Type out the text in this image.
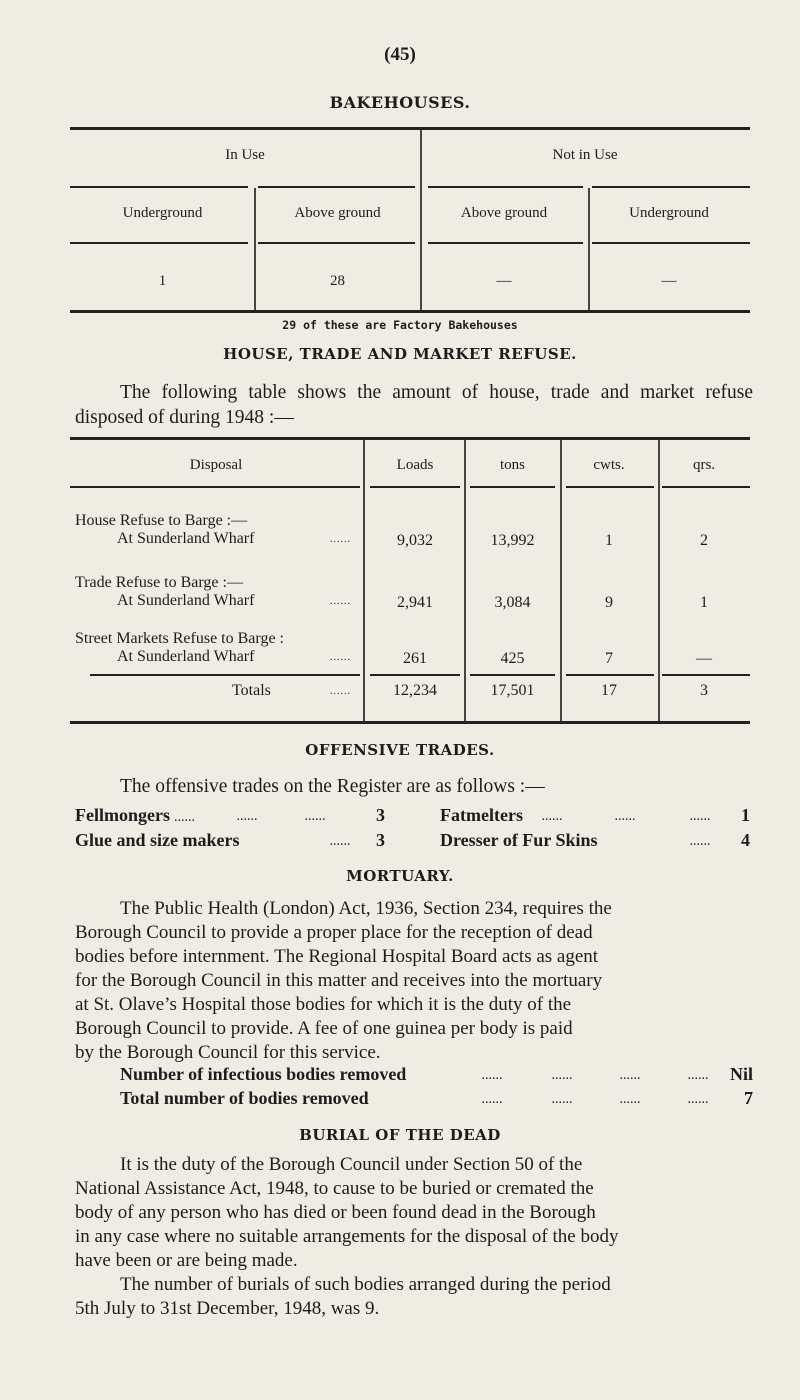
(45)
BAKEHOUSES.
In Use	Not in Use
Underground	Above ground	Above ground	Underground
1	28	—	—
29 of these are Factory Bakehouses
HOUSE, TRADE AND MARKET REFUSE.
The following table shows the amount of house, trade and market refuse disposed of during 1948 :—
Disposal	Loads	tons	cwts.	qrs.
House Refuse to Barge :—
At Sunderland Wharf	......	9,032	13,992	1	2
Trade Refuse to Barge :—
At Sunderland Wharf	......	2,941	3,084	9	1
Street Markets Refuse to Barge :
At Sunderland Wharf	......	261	425	7	—
Totals	......	12,234	17,501	17	3
OFFENSIVE TRADES.
The offensive trades on the Register are as follows :—
Fellmongers ......	......	......	3	Fatmelters ......	......	...... 1
Glue and size makers	...... 3	Dresser of Fur Skins	...... 4
MORTUARY.
The Public Health (London) Act, 1936, Section 234, requires the
Borough Council to provide a proper place for the reception of dead
bodies before internment. The Regional Hospital Board acts as agent
for the Borough Council in this matter and receives into the mortuary
at St. Olave’s Hospital those bodies for which it is the duty of the
Borough Council to provide. A fee of one guinea per body is paid
by the Borough Council for this service.
Number of infectious bodies removed	......	......	......	...... Nil
Total number of bodies removed	......	......	......	...... 7
BURIAL OF THE DEAD
It is the duty of the Borough Council under Section 50 of the
National Assistance Act, 1948, to cause to be buried or cremated the
body of any person who has died or been found dead in the Borough
in any case where no suitable arrangements for the disposal of the body
have been or are being made.
The number of burials of such bodies arranged during the period
5th July to 31st December, 1948, was 9.
